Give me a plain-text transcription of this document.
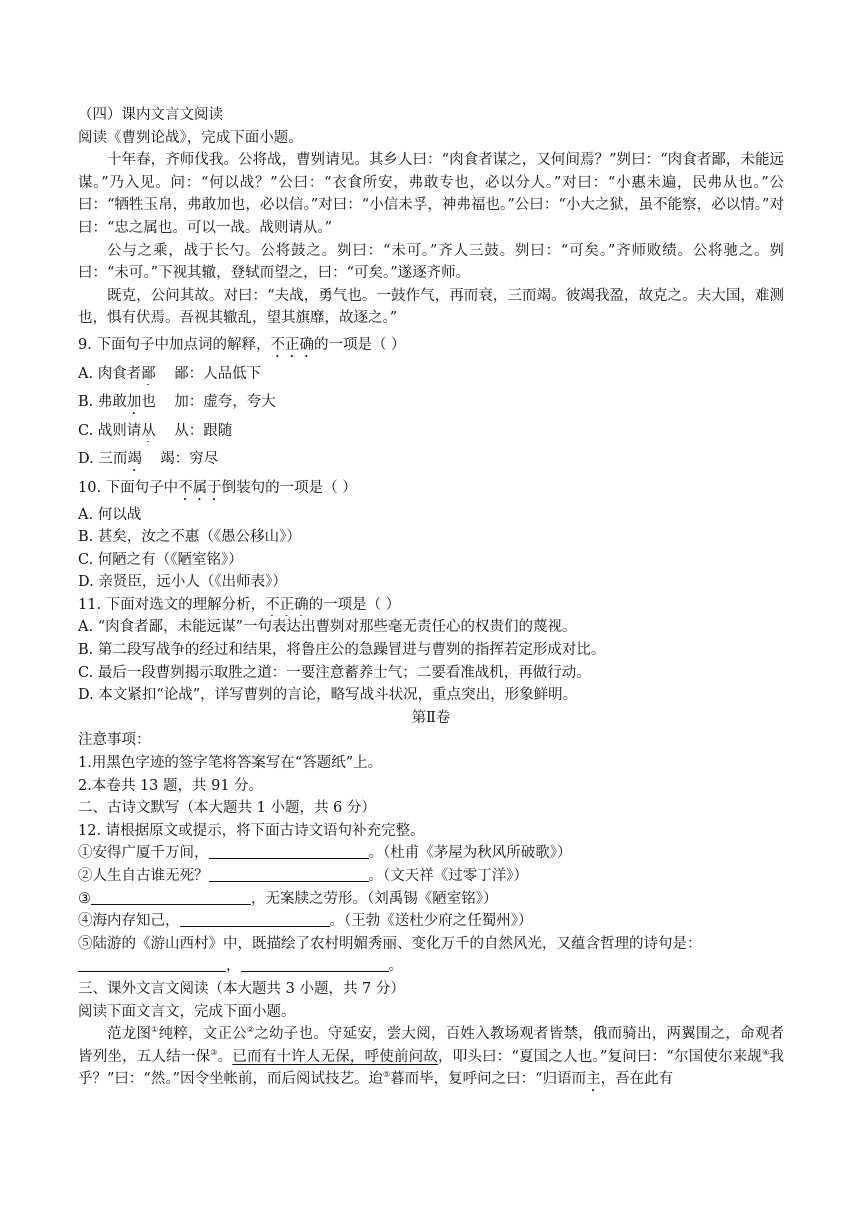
（四）课内文言文阅读
阅读《曹刿论战》，完成下面小题。
十年春，齐师伐我。公将战，曹刿请见。其乡人曰：“肉食者谋之，又何间焉？”刿曰：“肉食者鄙，未能远谋。”乃入见。问：“何以战？”公曰：“衣食所安，弗敢专也，必以分人。”对曰：“小惠未遍，民弗从也。”公曰：“牺牲玉帛，弗敢加也，必以信。”对曰：“小信未孚，神弗福也。”公曰：“小大之狱，虽不能察，必以情。”对曰：“忠之属也。可以一战。战则请从。”
公与之乘，战于长勺。公将鼓之。刿曰：“未可。”齐人三鼓。刿曰：“可矣。”齐师败绩。公将驰之。刿曰：“未可。”下视其辙，登轼而望之，曰：“可矣。”遂逐齐师。
既克，公问其故。对曰：“夫战，勇气也。一鼓作气，再而衰，三而竭。彼竭我盈，故克之。夫大国，难测也，惧有伏焉。吾视其辙乱，望其旗靡，故逐之。”
9. 下面句子中加点词的解释，不正确的一项是（ ）
A. 肉食者鄙    鄙：人品低下
B. 弗敢加也    加：虚夸，夸大
C. 战则请从    从：跟随
D. 三而竭    竭：穷尽
10. 下面句子中不属于倒装句的一项是（ ）
A. 何以战
B. 甚矣，汝之不惠（《愚公移山》）
C. 何陋之有（《陋室铭》）
D. 亲贤臣，远小人（《出师表》）
11. 下面对选文的理解分析，不正确的一项是（ ）
A. “肉食者鄙，未能远谋”一句表达出曹刿对那些毫无责任心的权贵们的蔑视。
B. 第二段写战争的经过和结果，将鲁庄公的急躁冒进与曹刿的指挥若定形成对比。
C. 最后一段曹刿揭示取胜之道：一要注意蓄养士气；二要看准战机，再做行动。
D. 本文紧扣“论战”，详写曹刿的言论，略写战斗状况，重点突出，形象鲜明。
第Ⅱ卷
注意事项：
1.用黑色字迹的签字笔将答案写在“答题纸”上。
2.本卷共 13 题，共 91 分。
二、古诗文默写（本大题共 1 小题，共 6 分）
12. 请根据原文或提示，将下面古诗文语句补充完整。
①安得广厦千万间，	。（杜甫《茅屋为秋风所破歌》）
②人生自古谁无死？	。（文天祥《过零丁洋》）
③	，无案牍之劳形。（刘禹锡《陋室铭》）
④海内存知己，	。（王勃《送杜少府之任蜀州》）
⑤陆游的《游山西村》中，既描绘了农村明媚秀丽、变化万千的自然风光，又蕴含哲理的诗句是：
，	。
三、课外文言文阅读（本大题共 3 小题，共 7 分）
阅读下面文言文，完成下面小题。
范龙图①纯粹，文正公②之幼子也。守延安，尝大阅，百姓入教场观者皆禁，俄而骑出，两翼围之，命观者皆列坐，五人结一保③。已而有十许人无保，呼使前问故，叩头曰：“夏国之人也。”复问曰：“尔国使尔来觇④我乎？”曰：“然。”因令坐帐前，而后阅试技艺。迨⑤暮而毕，复呼问之曰：“归语而主，吾在此有
